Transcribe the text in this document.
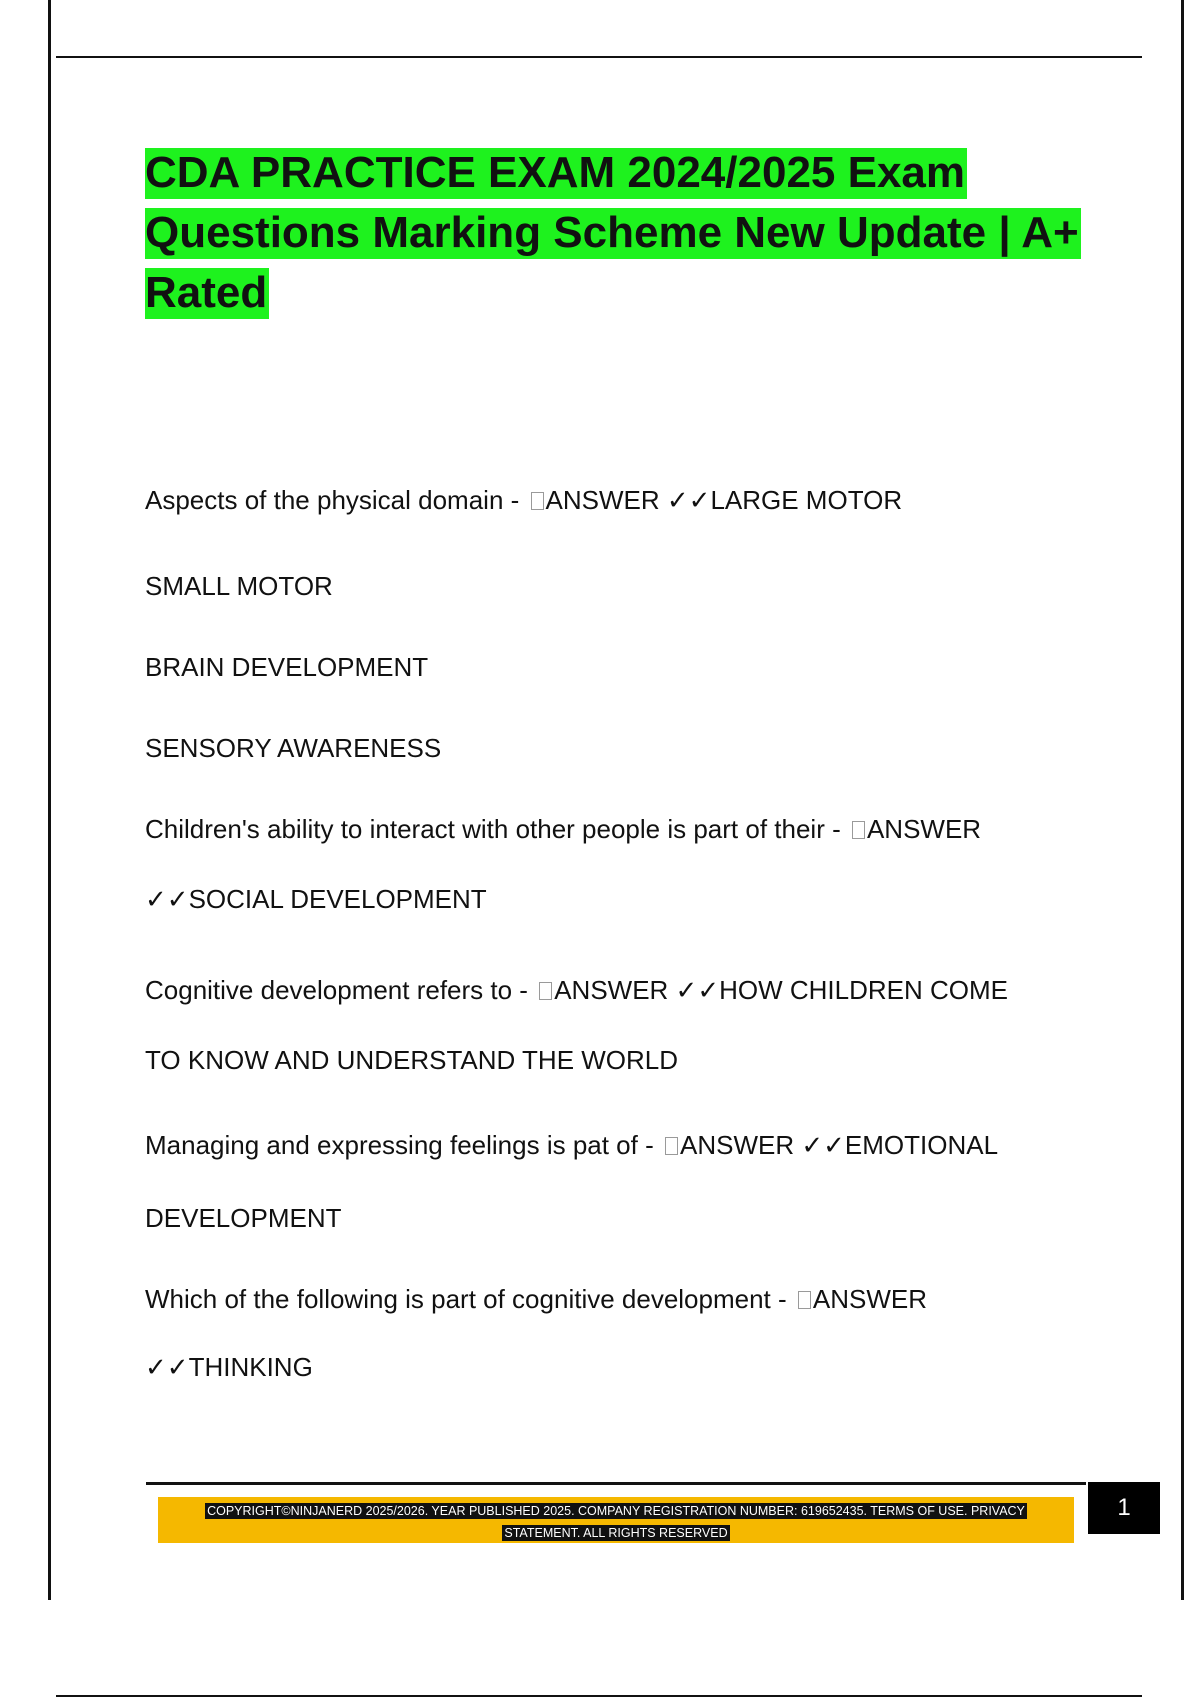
CDA PRACTICE EXAM 2024/2025 Exam Questions Marking Scheme New Update | A+ Rated
Aspects of the physical domain - ANSWER ✓✓LARGE MOTOR
SMALL MOTOR
BRAIN DEVELOPMENT
SENSORY AWARENESS
Children's ability to interact with other people is part of their - ANSWER
✓✓SOCIAL DEVELOPMENT
Cognitive development refers to - ANSWER ✓✓HOW CHILDREN COME
TO KNOW AND UNDERSTAND THE WORLD
Managing and expressing feelings is pat of - ANSWER ✓✓EMOTIONAL
DEVELOPMENT
Which of the following is part of cognitive development - ANSWER
✓✓THINKING
COPYRIGHT©NINJANERD 2025/2026. YEAR PUBLISHED 2025. COMPANY REGISTRATION NUMBER: 619652435. TERMS OF USE. PRIVACY
STATEMENT. ALL RIGHTS RESERVED
1
